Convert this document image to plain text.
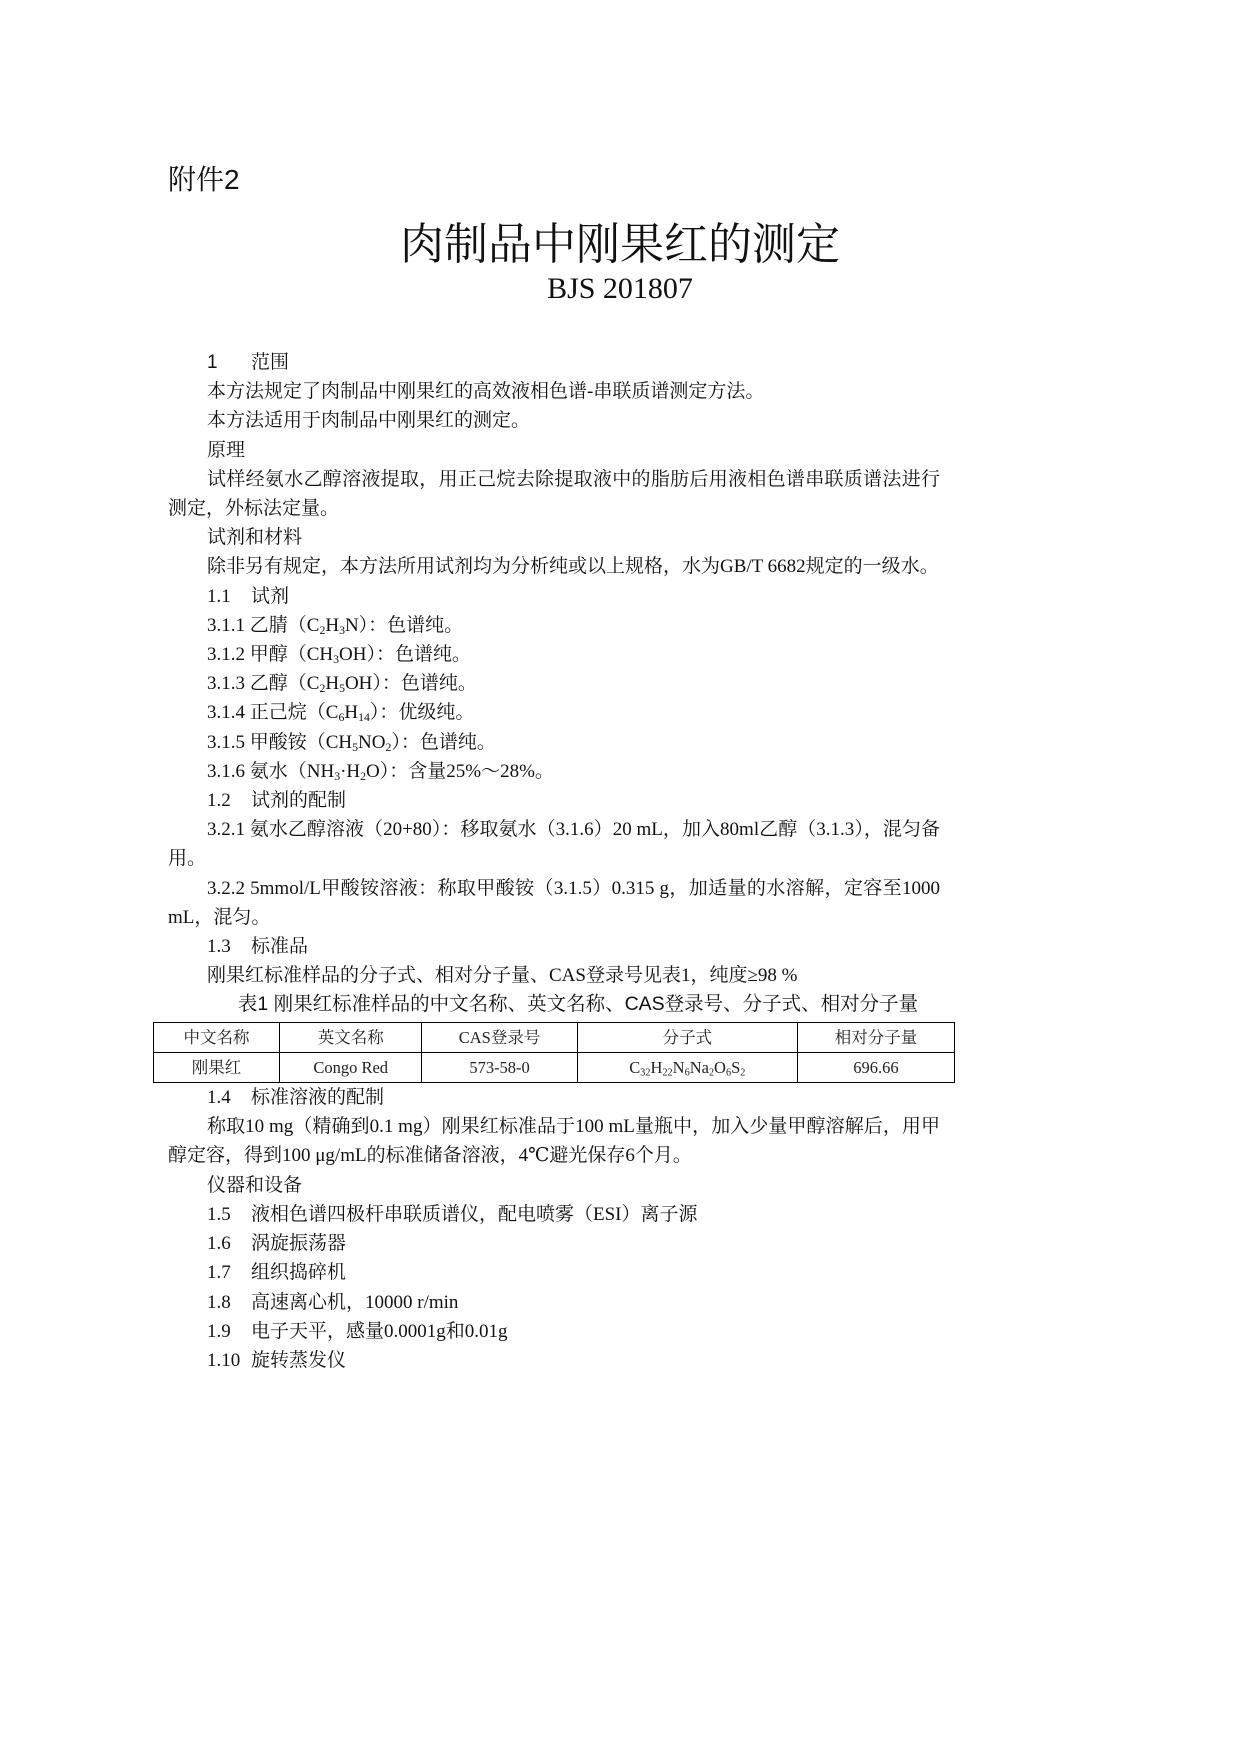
附件2
肉制品中刚果红的测定
BJS 201807

1 范围

本方法规定了肉制品中刚果红的高效液相色谱-串联质谱测定方法。

本方法适用于肉制品中刚果红的测定。

原理

试样经氨水乙醇溶液提取，用正己烷去除提取液中的脂肪后用液相色谱串联质谱法进行测定，外标法定量。

试剂和材料

除非另有规定，本方法所用试剂均为分析纯或以上规格，水为GB/T 6682规定的一级水。

1.1 试剂

3.1.1 乙腈$(C_2H_3N)$：色谱纯。

3.1.2 甲醇$(CH_3OH)$：色谱纯。

3.1.3 乙醇$(C_2H_5OH)$：色谱纯。

3.1.4 正己烷$(C_6H_{14})$：优级纯。

3.1.5 甲酸铵$(CH_5NO_2)$：色谱纯。

3.1.6 氨水$(NH_3\cdot H_2O)$：含量25%～28%。

1.2 试剂的配制

3.2.1 氨水乙醇溶液（20+80）：移取氨水（3.1.6）20 mL，加入80ml乙醇（3.1.3），混匀备用。

3.2.2 5mmol/L甲酸铵溶液：称取甲酸铵（3.1.5）0.315 g，加适量的水溶解，定容至1000 mL，混匀。

1.3 标准品

刚果红标准样品的分子式、相对分子量、CAS登录号见表1，纯度≥98 %

表1 刚果红标准样品的中文名称、英文名称、CAS登录号、分子式、相对分子量

中文名称	英文名称	CAS登录号	分子式	相对分子量
刚果红	Congo Red	573-58-0	$C_{32}H_{22}N_6Na_2O_6S_2$	696.66

1.4 标准溶液的配制

称取10 mg（精确到0.1 mg）刚果红标准品于100 mL量瓶中，加入少量甲醇溶解后，用甲醇定容，得到100 μg/mL的标准储备溶液，4℃避光保存6个月。

仪器和设备

1.5 液相色谱四极杆串联质谱仪，配电喷雾（ESI）离子源

1.6 涡旋振荡器

1.7 组织捣碎机

1.8 高速离心机，10000 r/min

1.9 电子天平，感量0.0001g和0.01g

1.10 旋转蒸发仪
